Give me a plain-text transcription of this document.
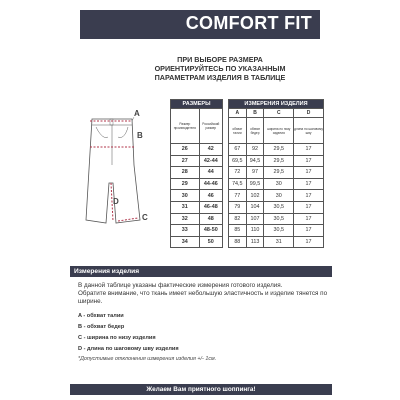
COMFORT FIT
ПРИ ВЫБОРЕ РАЗМЕРА
ОРИЕНТИРУЙТЕСЬ ПО УКАЗАННЫМ
ПАРАМЕТРАМ ИЗДЕЛИЯ В ТАБЛИЦЕ
A
B
C
D
РАЗМЕРЫ	
Размер производителя	Российский размер
26	42
27	42-44
28	44
29	44-46
30	46
31	46-48
32	48
33	48-50
34	50
ИЗМЕРЕНИЯ ИЗДЕЛИЯ			
A	B	C	D
обхват талии	обхват бедер	ширина по низу изделия	длина по шаговому шву
67	92	29,5	17
69,5	94,5	29,5	17
72	97	29,5	17
74,5	99,5	30	17
77	102	30	17
79	104	30,5	17
82	107	30,5	17
85	110	30,5	17
88	113	31	17
Измерения изделия
В данной таблице указаны фактические измерения готового изделия.
Обратите внимание, что ткань имеет небольшую эластичность и изделие тянется по ширине.
A - обхват талии
B - обхват бедер
C - ширина по низу изделия
D - длина по шаговому шву изделия
*Допустимые отклонения измерения изделия +/- 1см.
Желаем Вам приятного шоппинга!
